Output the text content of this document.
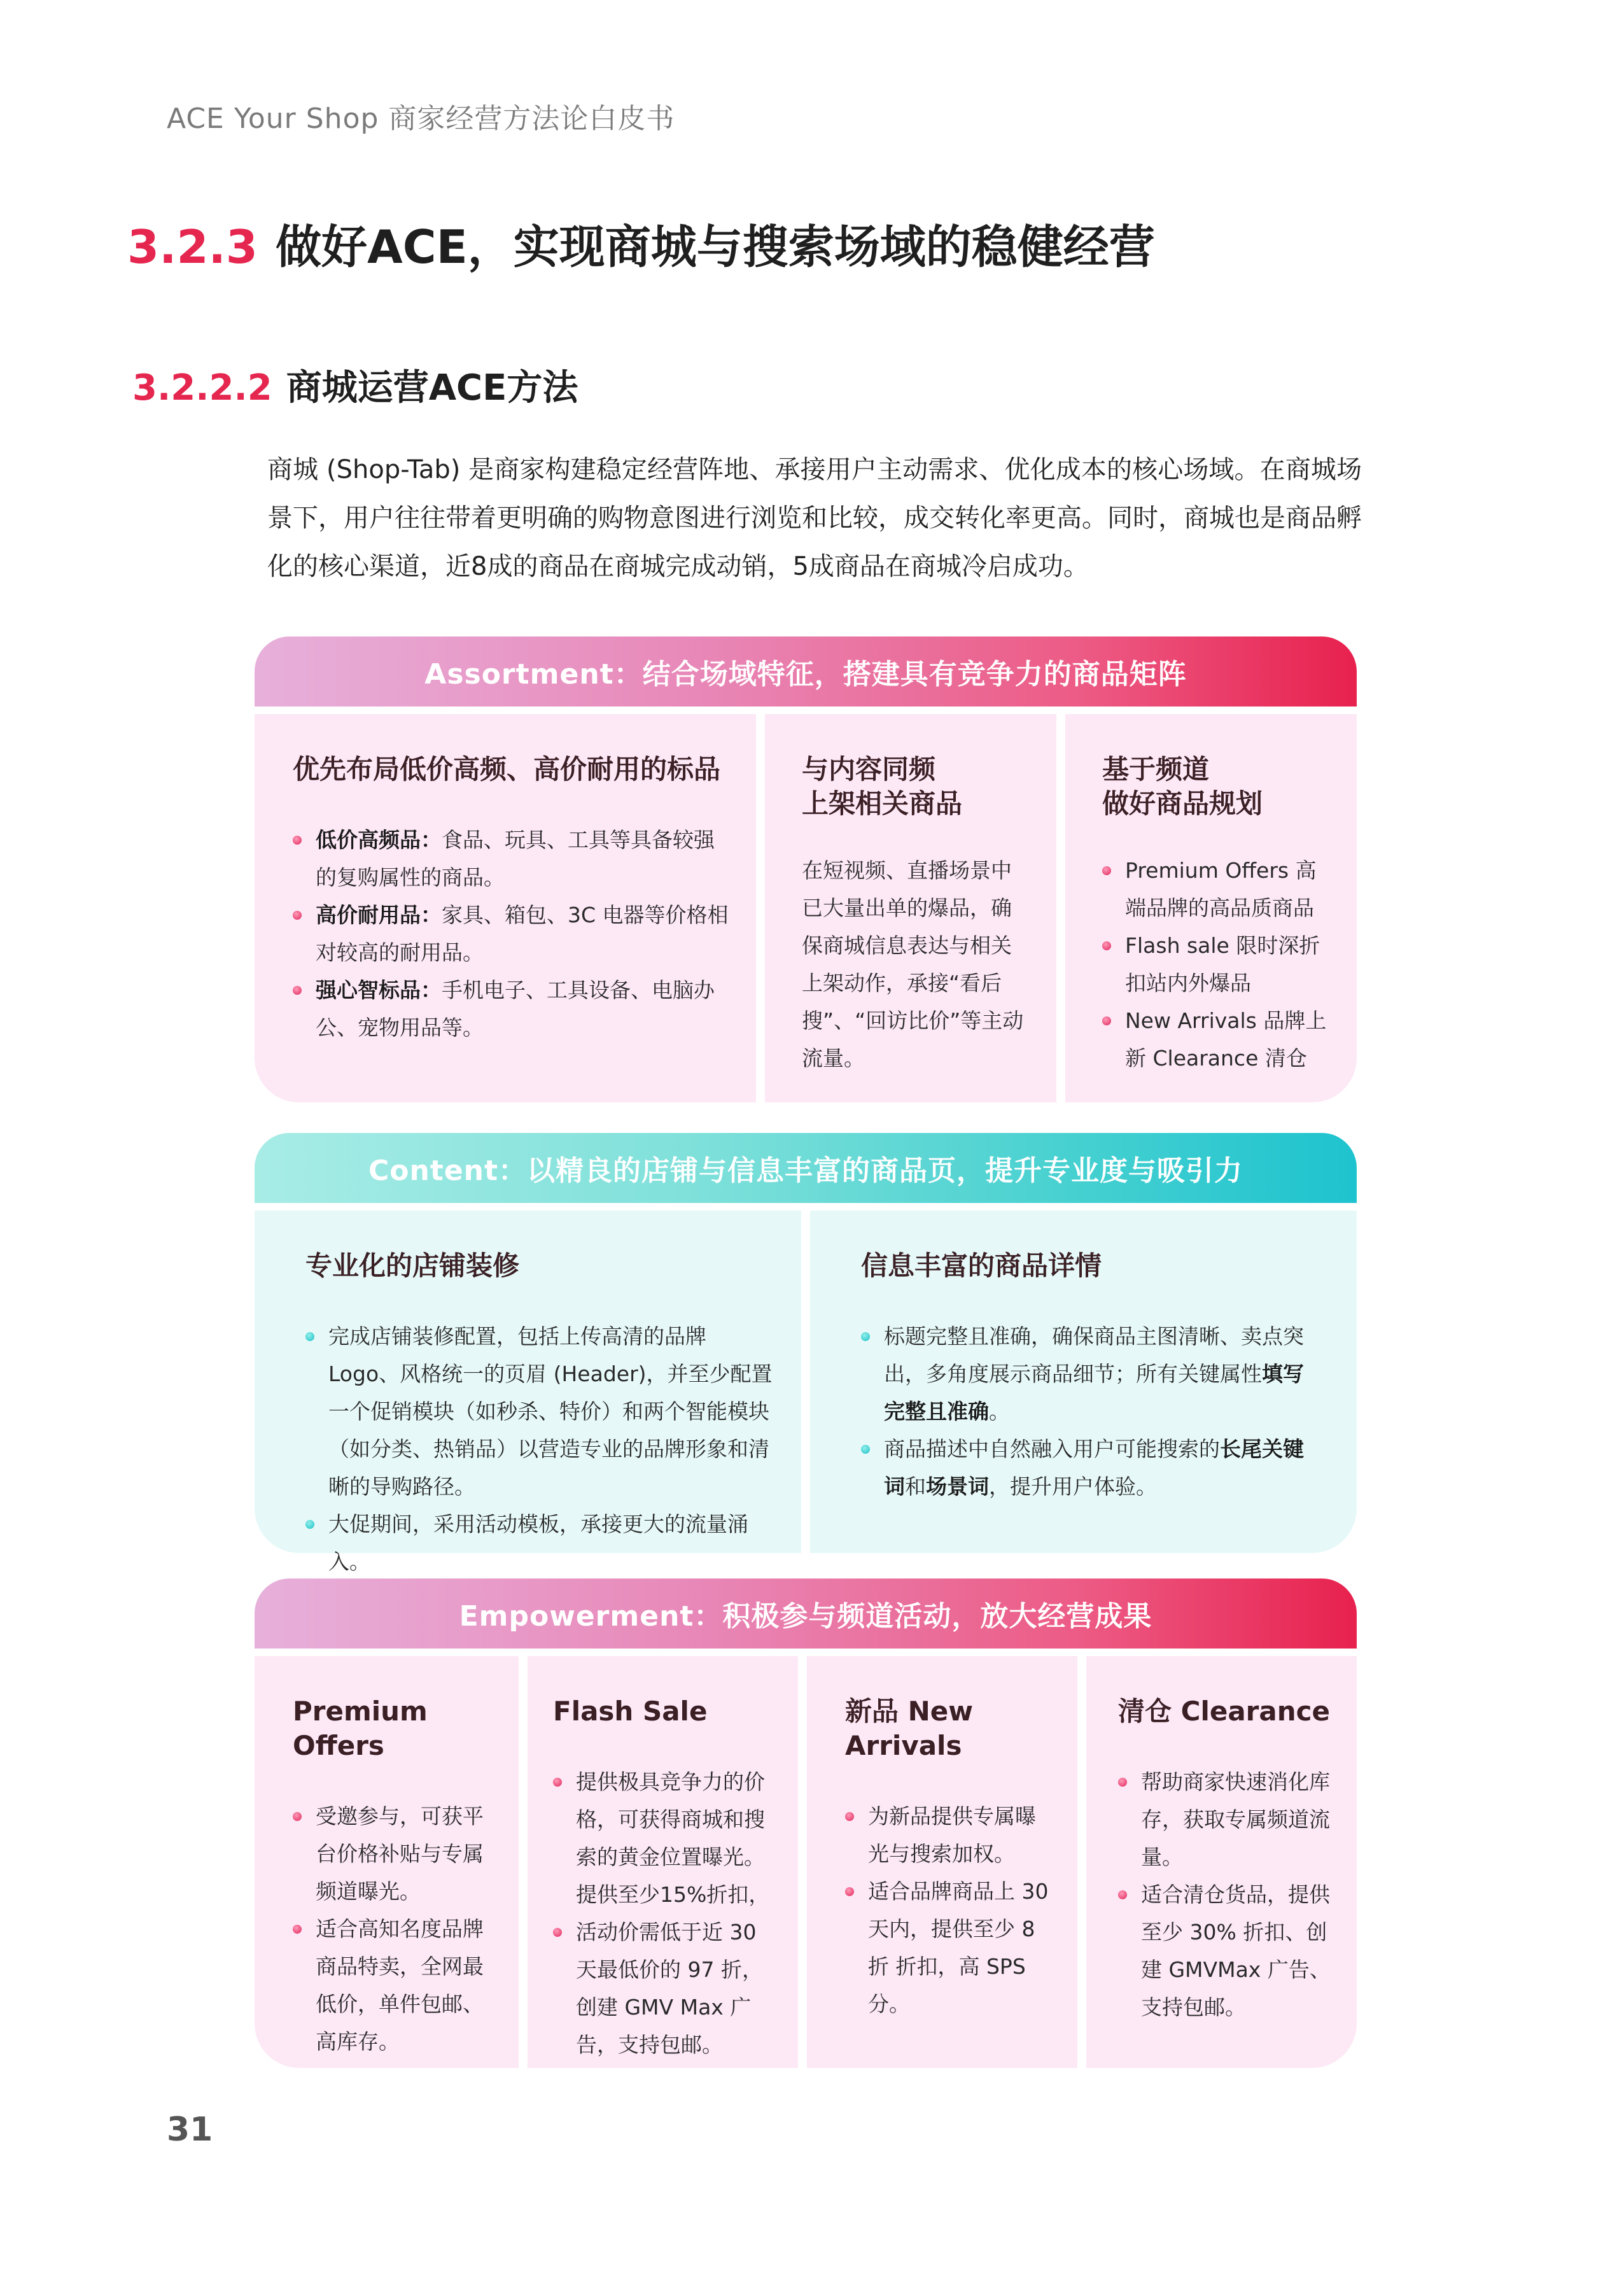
ACE Your Shop 商家经营方法论白皮书
3.2.3 做好ACE，实现商城与搜索场域的稳健经营
3.2.2.2 商城运营ACE方法

商城 (Shop-Tab) 是商家构建稳定经营阵地、承接用户主动需求、优化成本的核心场域。在商城场景下，用户往往带着更明确的购物意图进行浏览和比较，成交转化率更高。同时，商城也是商品孵化的核心渠道，近8成的商品在商城完成动销，5成商品在商城冷启成功。

Assortment：结合场域特征，搭建具有竞争力的商品矩阵
优先布局低价高频、高价耐用的标品
低价高频品：食品、玩具、工具等具备较强的复购属性的商品。
高价耐用品：家具、箱包、3C 电器等价格相对较高的耐用品。
强心智标品：手机电子、工具设备、电脑办公、宠物用品等。
与内容同频
上架相关商品
在短视频、直播场景中已大量出单的爆品，确保商城信息表达与相关上架动作，承接“看后搜”、“回访比价”等主动流量。
基于频道
做好商品规划
Premium Offers 高端品牌的高品质商品
Flash sale 限时深折扣站内外爆品
New Arrivals 品牌上新 Clearance 清仓
Content：以精良的店铺与信息丰富的商品页，提升专业度与吸引力
专业化的店铺装修
完成店铺装修配置，包括上传高清的品牌 Logo、风格统一的页眉 (Header)，并至少配置一个促销模块（如秒杀、特价）和两个智能模块（如分类、热销品）以营造专业的品牌形象和清晰的导购路径。
大促期间，采用活动模板，承接更大的流量涌入。
信息丰富的商品详情
标题完整且准确，确保商品主图清晰、卖点突出，多角度展示商品细节；所有关键属性填写完整且准确。
商品描述中自然融入用户可能搜索的长尾关键词和场景词，提升用户体验。
Empowerment：积极参与频道活动，放大经营成果
Premium Offers
受邀参与，可获平台价格补贴与专属频道曝光。
适合高知名度品牌商品特卖，全网最低价，单件包邮、高库存。
Flash Sale
提供极具竞争力的价格，可获得商城和搜索的黄金位置曝光。提供至少15%折扣，
活动价需低于近 30 天最低价的 97 折，创建 GMV Max 广告，支持包邮。
新品 New Arrivals
为新品提供专属曝光与搜索加权。
适合品牌商品上 30 天内，提供至少 8 折 折扣，高 SPS 分。
清仓 Clearance
帮助商家快速消化库存，获取专属频道流量。
适合清仓货品，提供至少 30% 折扣、创建 GMVMax 广告、支持包邮。
31
